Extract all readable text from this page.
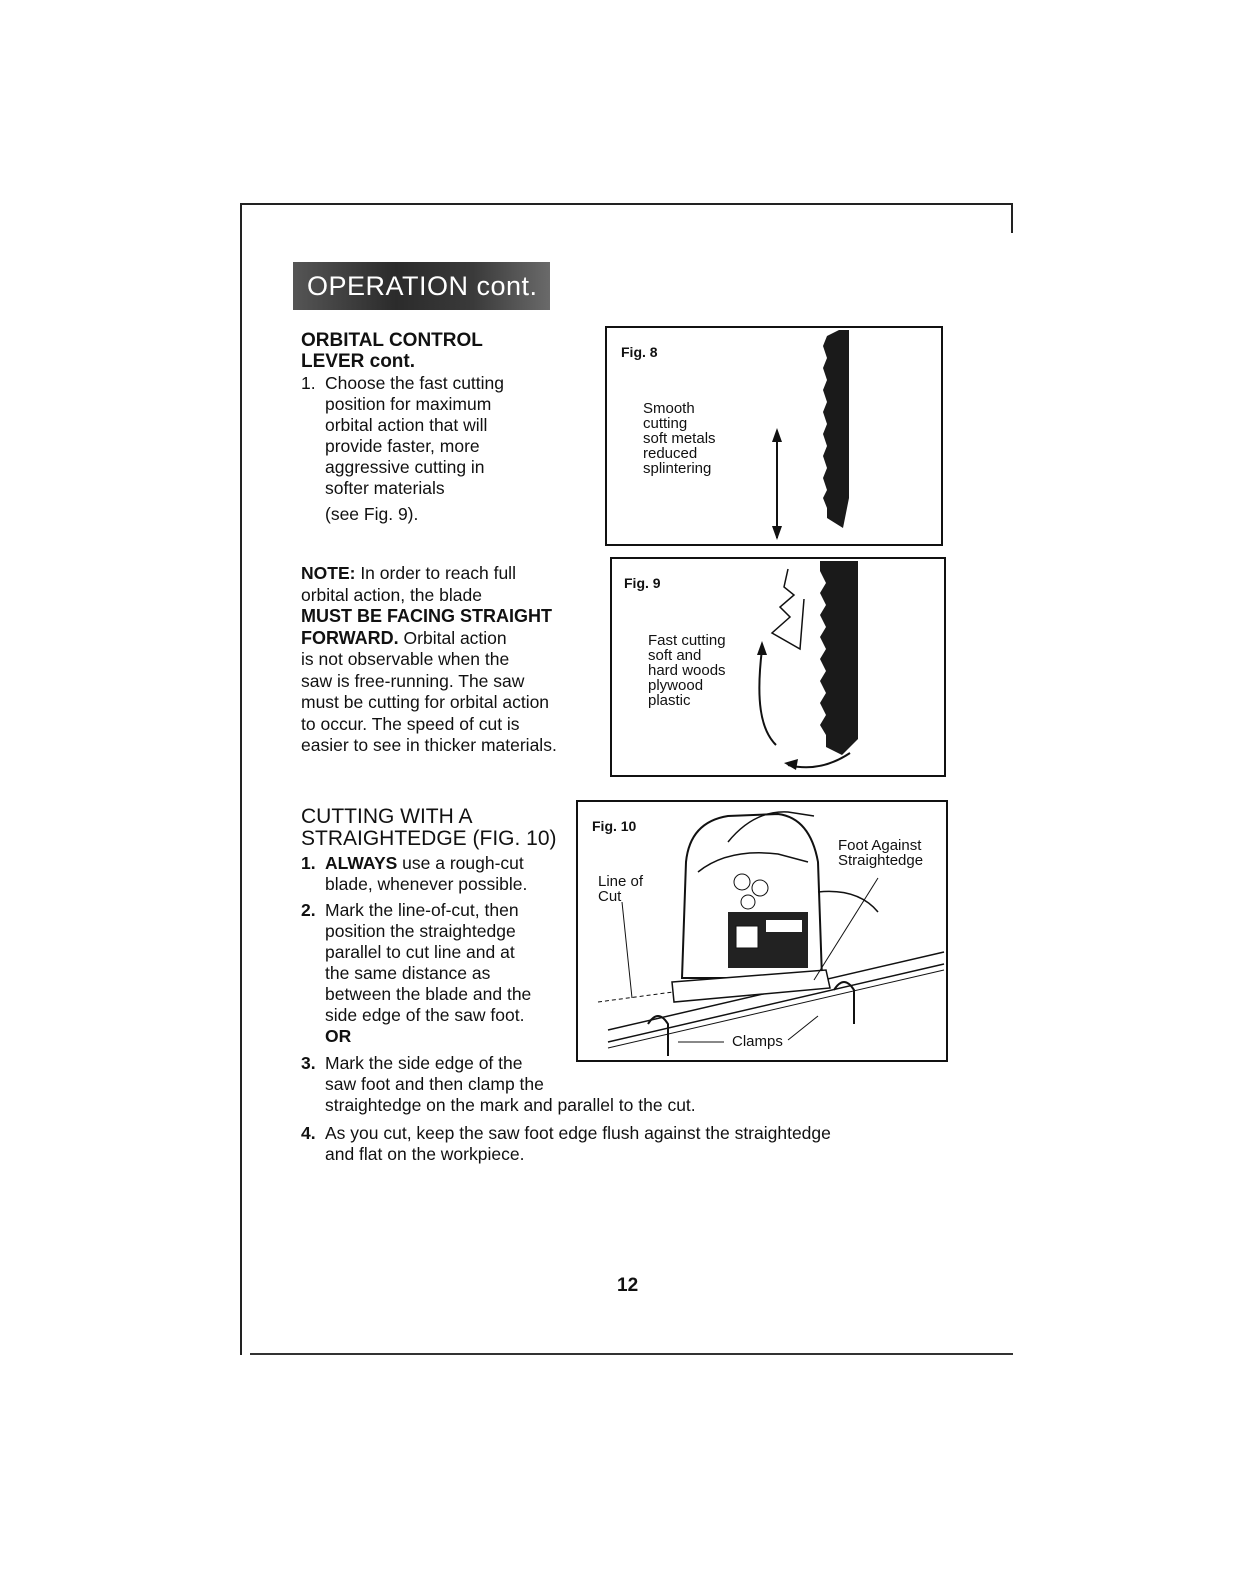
OPERATION cont.
ORBITAL CONTROL
LEVER cont.
1. Choose the fast cutting
position for maximum
orbital action that will
provide faster, more
aggressive cutting in
softer materials
(see Fig. 9).
NOTE: In order to reach full
orbital action, the blade
MUST BE FACING STRAIGHT
FORWARD. Orbital action
is not observable when the
saw is free-running. The saw
must be cutting for orbital action
to occur. The speed of cut is
easier to see in thicker materials.
CUTTING WITH A
STRAIGHTEDGE (FIG. 10)
1. ALWAYS use a rough-cut
blade, whenever possible.
2. Mark the line-of-cut, then
position the straightedge
parallel to cut line and at
the same distance as
between the blade and the
side edge of the saw foot.
OR
3. Mark the side edge of the
saw foot and then clamp the
straightedge on the mark and parallel to the cut.
4. As you cut, keep the saw foot edge flush against the straightedge
and flat on the workpiece.
Fig. 8
Smooth
cutting
soft metals
reduced
splintering
Fig. 9
Fast cutting
soft and
hard woods
plywood
plastic
Fig. 10
Line of
Cut
Foot Against
Straightedge
Clamps
12
